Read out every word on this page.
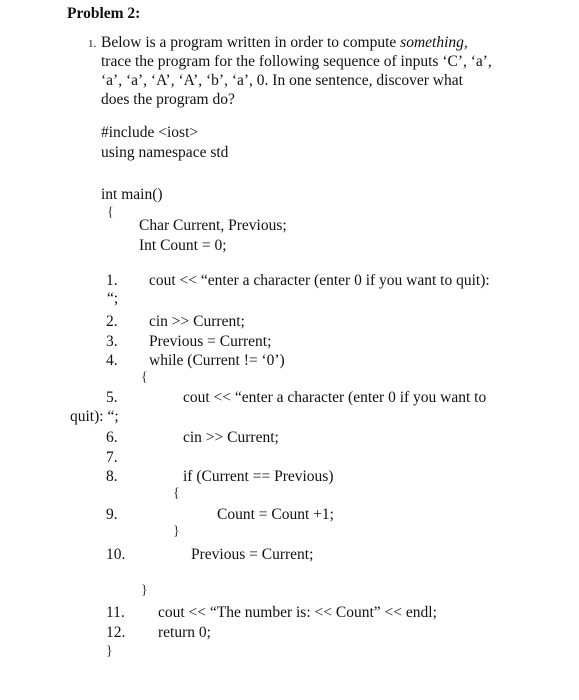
Problem 2:
1. Below is a program written in order to compute something,
trace the program for the following sequence of inputs ‘C’, ‘a’,
‘a’, ‘a’, ‘A’, ‘A’, ‘b’, ‘a’, 0. In one sentence, discover what
does the program do?
#include <iost>
using namespace std
int main()
{
Char Current, Previous;
Int Count = 0;
1. cout << “enter a character (enter 0 if you want to quit):
“;
2. cin >> Current;
3. Previous = Current;
4. while (Current != ‘0’)
{
5.	cout << “enter a character (enter 0 if you want to
quit): “;
6.	cin >> Current;
7.
8.	if (Current == Previous)
{
9.	Count = Count +1;
}
10.	Previous = Current;
}
11. cout << “The number is: << Count” << endl;
12. return 0;
}
